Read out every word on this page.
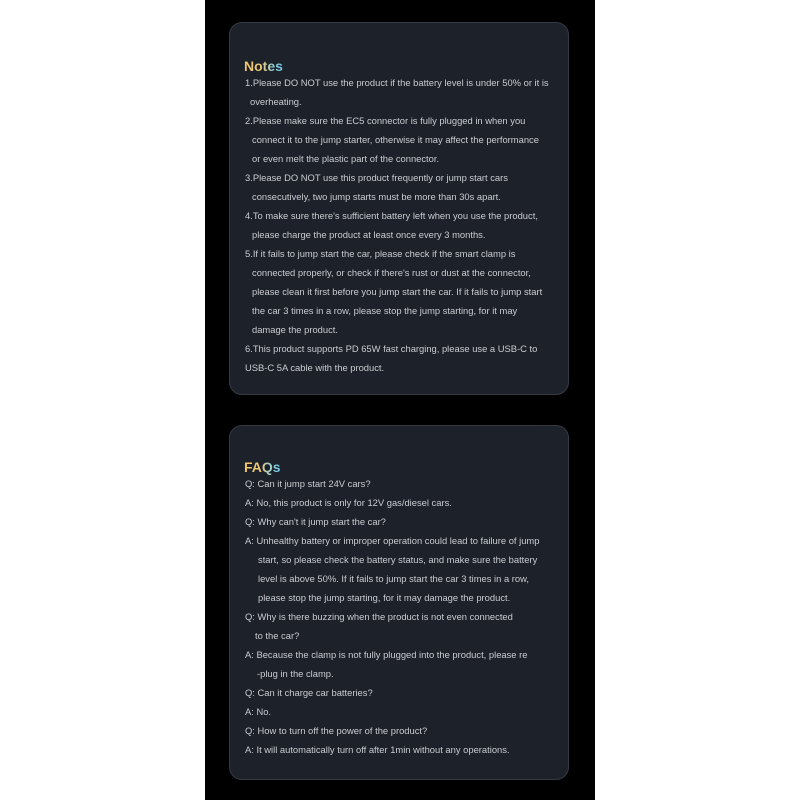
Notes
1.Please DO NOT use the product if the battery level is under 50% or it is
overheating.
2.Please make sure the EC5 connector is fully plugged in when you
connect it to the jump starter, otherwise it may affect the performance
or even melt the plastic part of the connector.
3.Please DO NOT use this product frequently or jump start cars
consecutively, two jump starts must be more than 30s apart.
4.To make sure there's sufficient battery left when you use the product,
please charge the product at least once every 3 months.
5.If it fails to jump start the car, please check if the smart clamp is
connected properly, or check if there's rust or dust at the connector,
please clean it first before you jump start the car. If it fails to jump start
the car 3 times in a row, please stop the jump starting, for it may
damage the product.
6.This product supports PD 65W fast charging, please use a USB-C to
USB-C 5A cable with the product.
FAQs
Q: Can it jump start 24V cars?
A: No, this product is only for 12V gas/diesel cars.
Q: Why can't it jump start the car?
A: Unhealthy battery or improper operation could lead to failure of jump
start, so please check the battery status, and make sure the battery
level is above 50%. If it fails to jump start the car 3 times in a row,
please stop the jump starting, for it may damage the product.
Q: Why is there buzzing when the product is not even connected
to the car?
A: Because the clamp is not fully plugged into the product, please re
-plug in the clamp.
Q: Can it charge car batteries?
A: No.
Q: How to turn off the power of the product?
A: It will automatically turn off after 1min without any operations.
